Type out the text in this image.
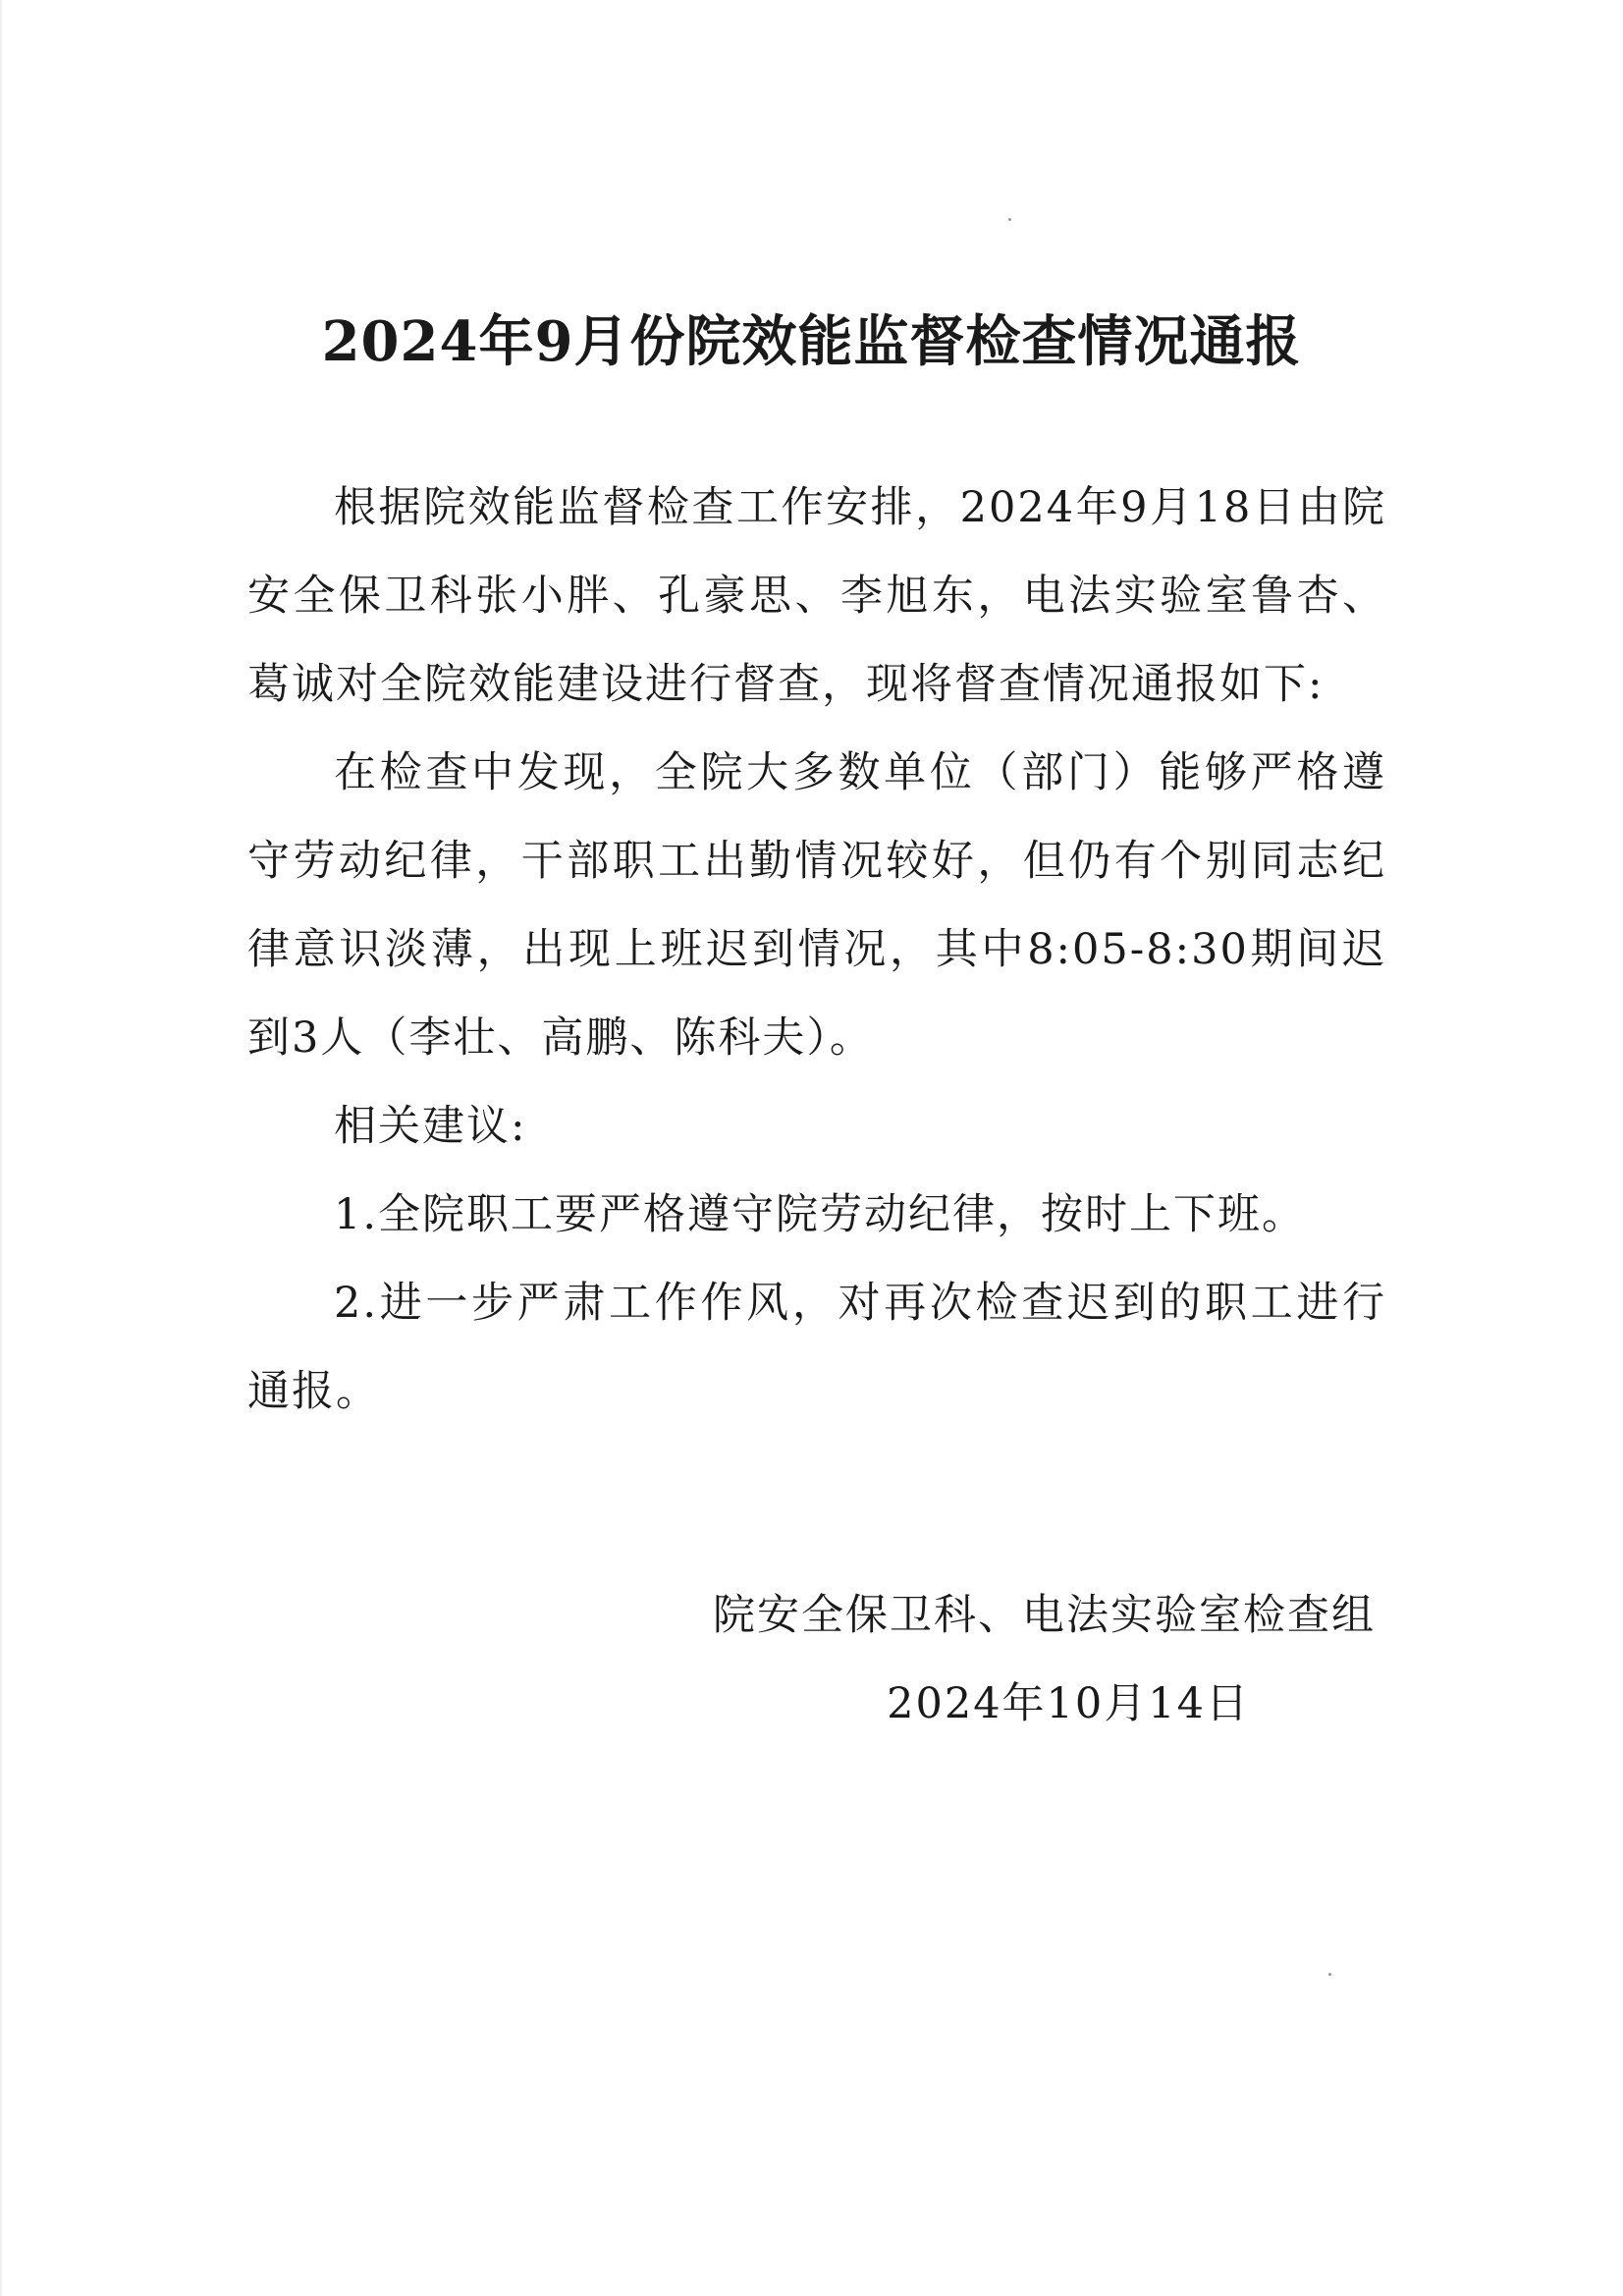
2024年9月份院效能监督检查情况通报

根据院效能监督检查工作安排，2024年9月18日由院安全保卫科张小胖、孔豪思、李旭东，电法实验室鲁杏、葛诚对全院效能建设进行督查，现将督查情况通报如下:

在检查中发现，全院大多数单位（部门）能够严格遵守劳动纪律，干部职工出勤情况较好，但仍有个别同志纪律意识淡薄，出现上班迟到情况，其中8:05-8:30期间迟到3人（李壮、高鹏、陈科夫）。

相关建议:

1.全院职工要严格遵守院劳动纪律，按时上下班。

2.进一步严肃工作作风，对再次检查迟到的职工进行通报。

院安全保卫科、电法实验室检查组
2024年10月14日
